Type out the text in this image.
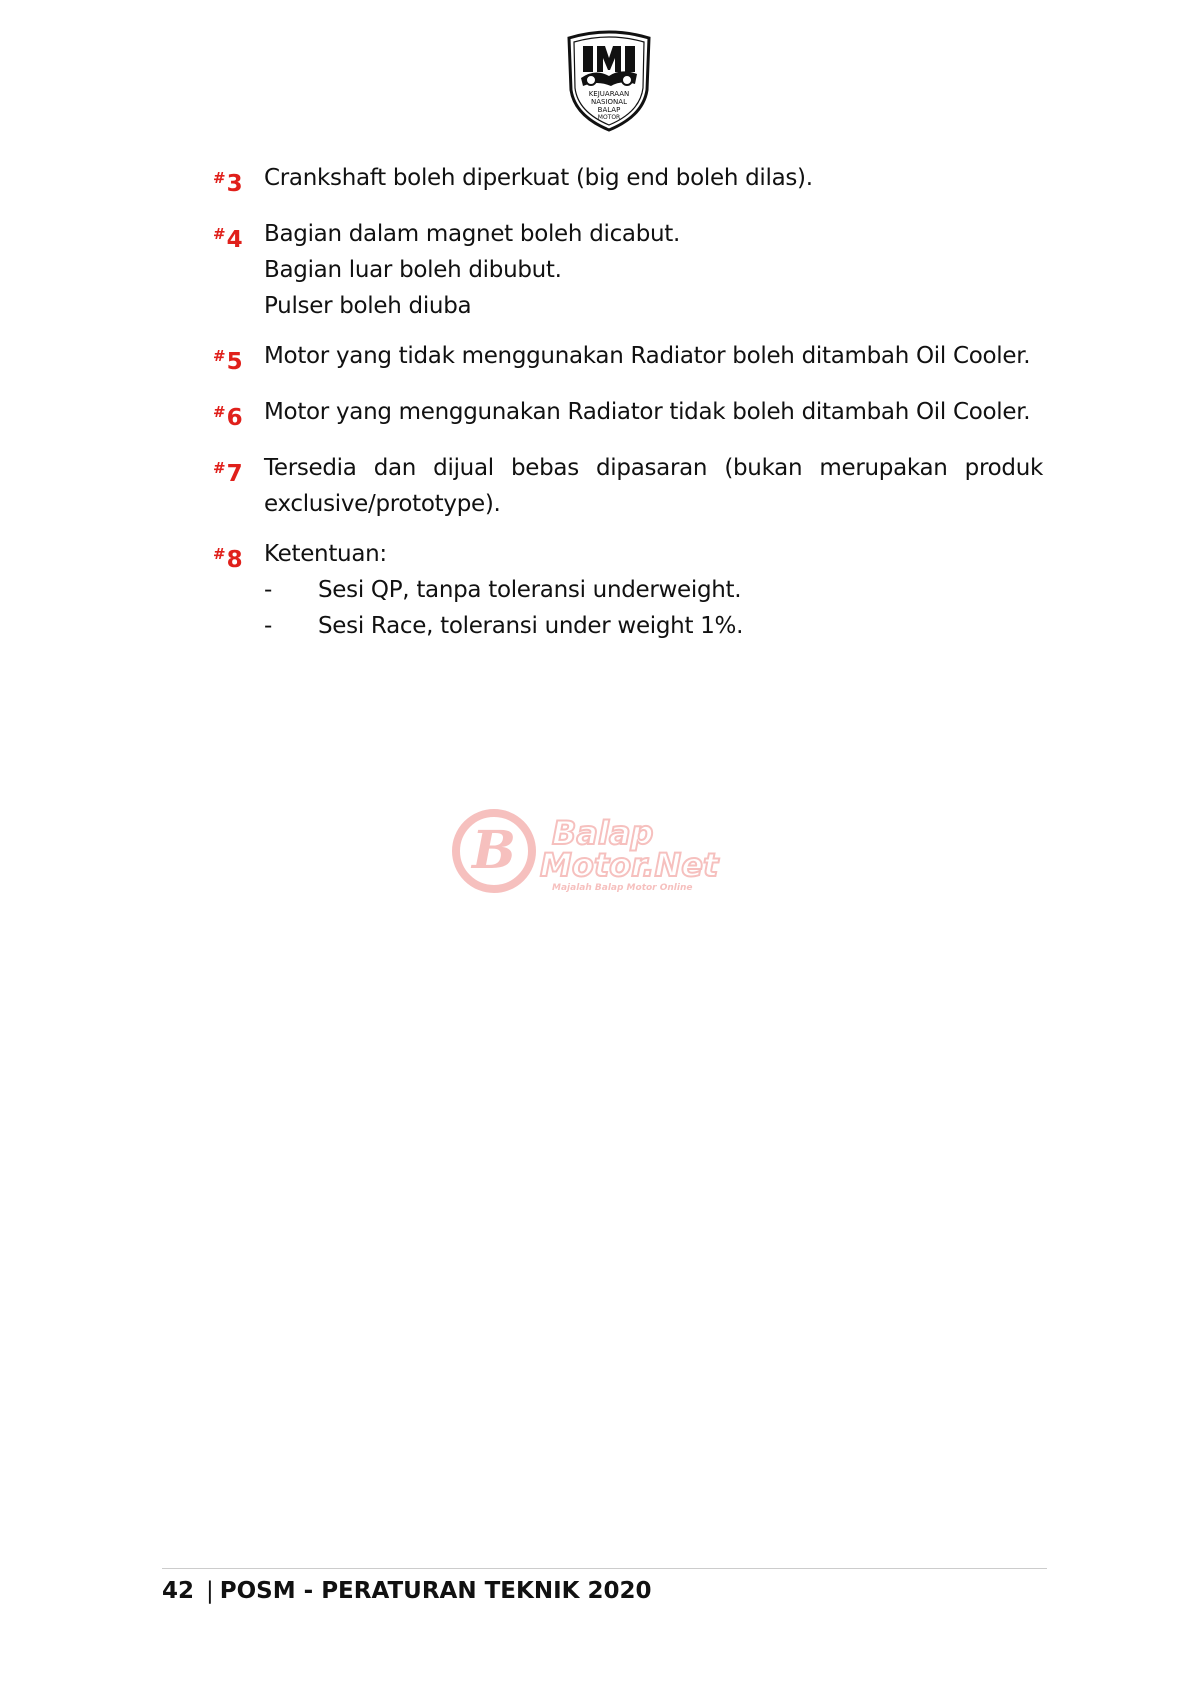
KEJUARAAN
NASIONAL
BALAP
MOTOR
#3 Crankshaft boleh diperkuat (big end boleh dilas).
#4 Bagian dalam magnet boleh dicabut.
Bagian luar boleh dibubut.
Pulser boleh diuba
#5 Motor yang tidak menggunakan Radiator boleh ditambah Oil Cooler.
#6 Motor yang menggunakan Radiator tidak boleh ditambah Oil Cooler.
#7 Tersedia dan dijual bebas dipasaran (bukan merupakan produk exclusive/prototype).
#8 Ketentuan:
-	Sesi QP, tanpa toleransi underweight.
-	Sesi Race, toleransi under weight 1%.
B Balap
Motor.Net
Majalah Balap Motor Online
42 | POSM - PERATURAN TEKNIK 2020
